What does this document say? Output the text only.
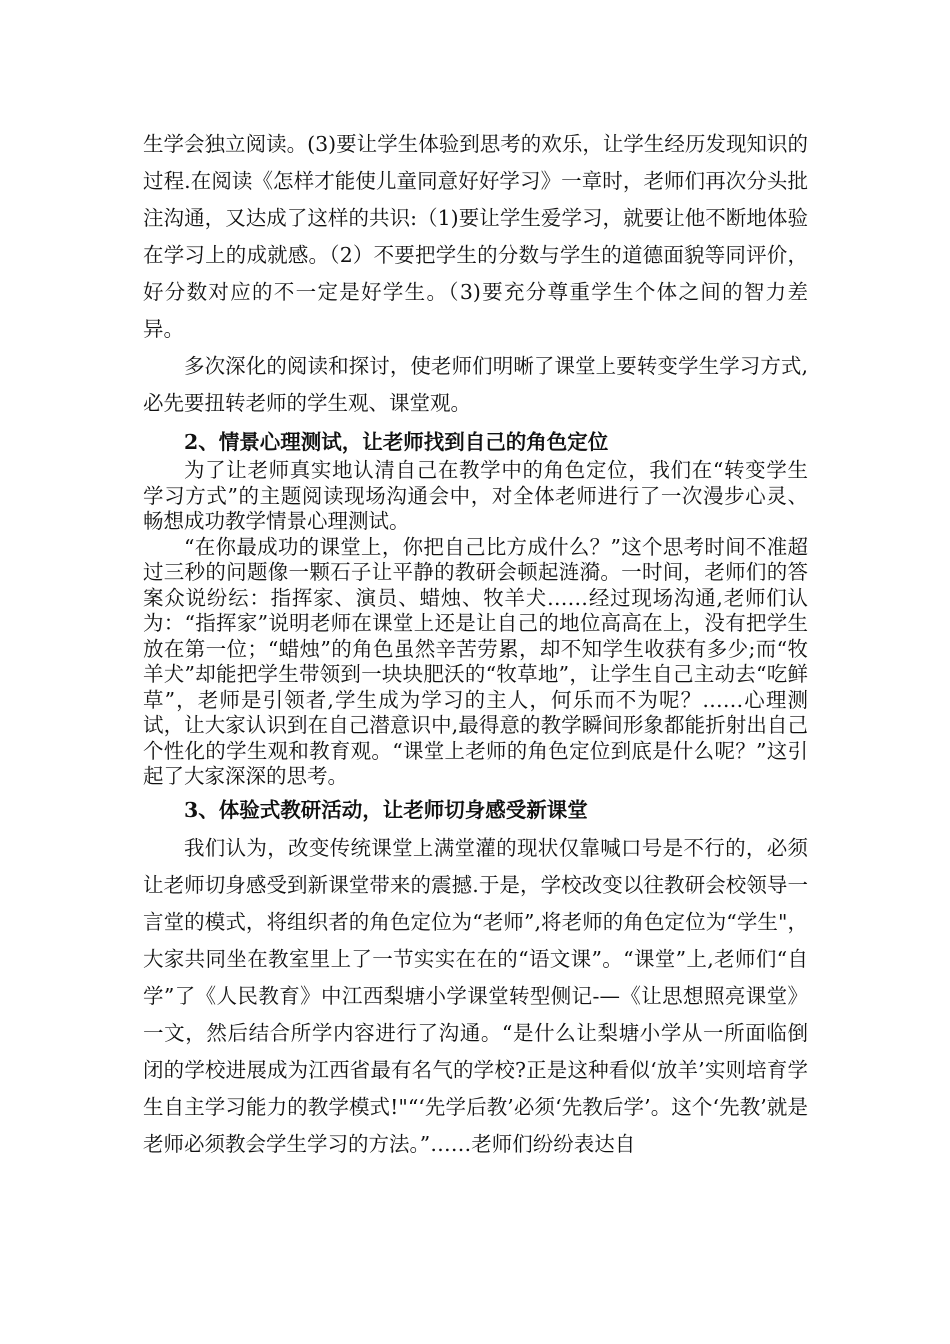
生学会独立阅读。(3)要让学生体验到思考的欢乐，让学生经历发现知识的过程.在阅读《怎样才能使儿童同意好好学习》一章时，老师们再次分头批注沟通，又达成了这样的共识:（1)要让学生爱学习，就要让他不断地体验在学习上的成就感。（2）不要把学生的分数与学生的道德面貌等同评价，好分数对应的不一定是好学生。（3)要充分尊重学生个体之间的智力差异。

多次深化的阅读和探讨，使老师们明晰了课堂上要转变学生学习方式,必先要扭转老师的学生观、课堂观。

2、情景心理测试，让老师找到自己的角色定位

为了让老师真实地认清自己在教学中的角色定位，我们在“转变学生学习方式”的主题阅读现场沟通会中，对全体老师进行了一次漫步心灵、畅想成功教学情景心理测试。

“在你最成功的课堂上，你把自己比方成什么？”这个思考时间不准超过三秒的问题像一颗石子让平静的教研会顿起涟漪。一时间，老师们的答案众说纷纭：指挥家、演员、蜡烛、牧羊犬……经过现场沟通,老师们认为：“指挥家”说明老师在课堂上还是让自己的地位高高在上，没有把学生放在第一位；“蜡烛”的角色虽然辛苦劳累，却不知学生收获有多少;而“牧羊犬”却能把学生带领到一块块肥沃的“牧草地”，让学生自己主动去“吃鲜草”，老师是引领者,学生成为学习的主人，何乐而不为呢？……心理测试，让大家认识到在自己潜意识中,最得意的教学瞬间形象都能折射出自己个性化的学生观和教育观。“课堂上老师的角色定位到底是什么呢？”这引起了大家深深的思考。

3、体验式教研活动，让老师切身感受新课堂

我们认为，改变传统课堂上满堂灌的现状仅靠喊口号是不行的，必须让老师切身感受到新课堂带来的震撼.于是，学校改变以往教研会校领导一言堂的模式，将组织者的角色定位为“老师”,将老师的角色定位为“学生"，大家共同坐在教室里上了一节实实在在的“语文课”。“课堂”上,老师们“自学”了《人民教育》中江西梨塘小学课堂转型侧记-—《让思想照亮课堂》一文，然后结合所学内容进行了沟通。“是什么让梨塘小学从一所面临倒闭的学校进展成为江西省最有名气的学校?正是这种看似‘放羊’实则培育学生自主学习能力的教学模式!"“‘先学后教’必须‘先教后学’。这个‘先教’就是老师必须教会学生学习的方法。”……老师们纷纷表达自
